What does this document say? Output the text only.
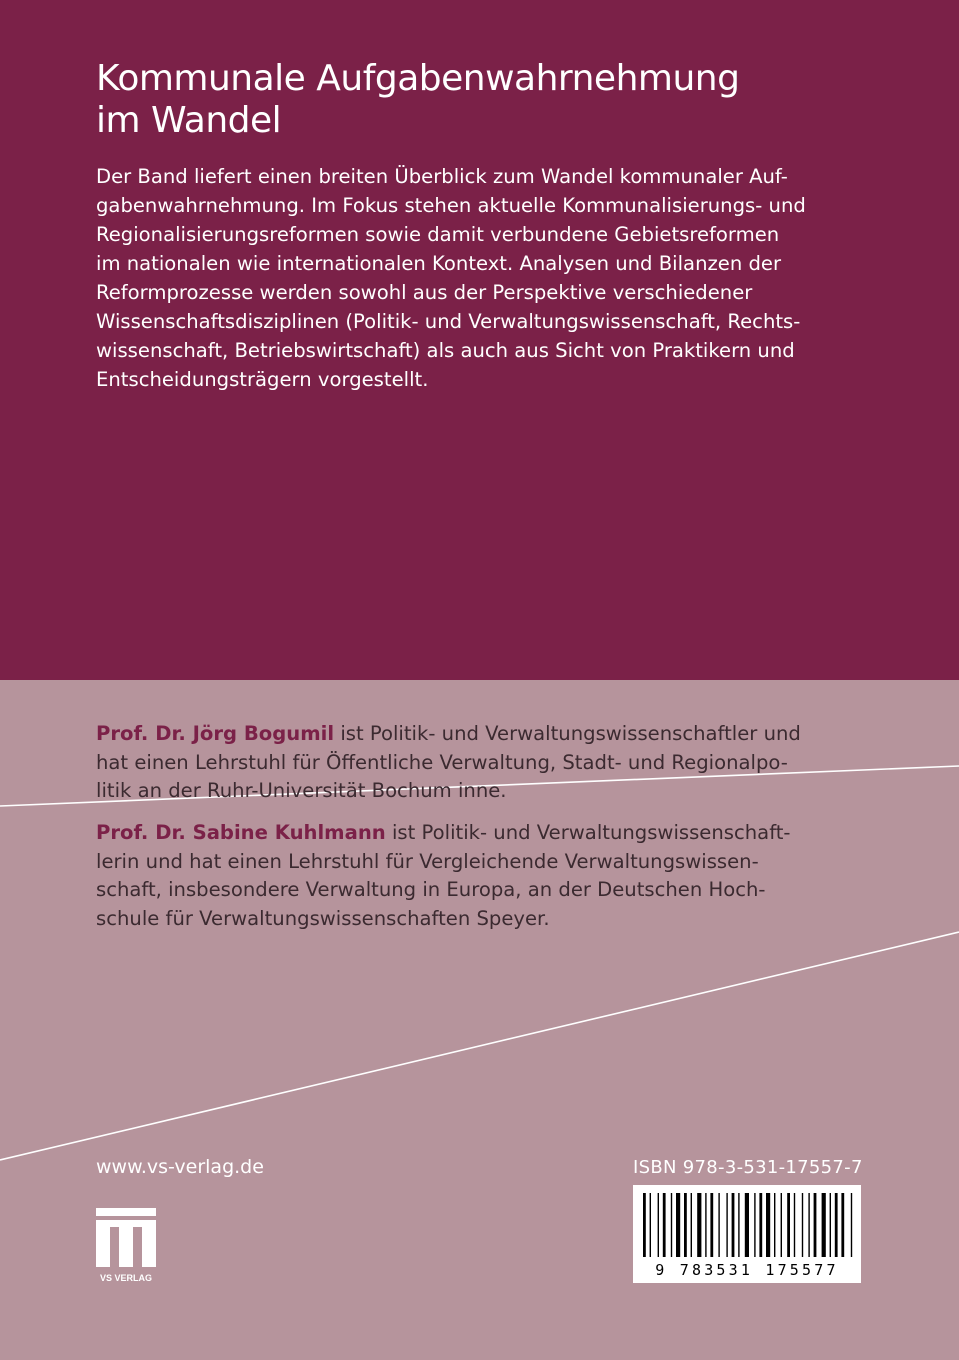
Kommunale Aufgabenwahrnehmung
im Wandel

Der Band liefert einen breiten Überblick zum Wandel kommunaler Auf-
gabenwahrnehmung. Im Fokus stehen aktuelle Kommunalisierungs- und
Regionalisierungsreformen sowie damit verbundene Gebietsreformen
im nationalen wie internationalen Kontext. Analysen und Bilanzen der
Reformprozesse werden sowohl aus der Perspektive verschiedener
Wissenschaftsdisziplinen (Politik- und Verwaltungswissenschaft, Rechts-
wissenschaft, Betriebswirtschaft) als auch aus Sicht von Praktikern und
Entscheidungsträgern vorgestellt.

Prof. Dr. Jörg Bogumil ist Politik- und Verwaltungswissenschaftler und
hat einen Lehrstuhl für Öffentliche Verwaltung, Stadt- und Regionalpo-
litik an der Ruhr-Universität Bochum inne.

Prof. Dr. Sabine Kuhlmann ist Politik- und Verwaltungswissenschaft-
lerin und hat einen Lehrstuhl für Vergleichende Verwaltungswissen-
schaft, insbesondere Verwaltung in Europa, an der Deutschen Hoch-
schule für Verwaltungswissenschaften Speyer.

www.vs-verlag.de

VS VERLAG

ISBN 978-3-531-17557-7

9 783531 175577
